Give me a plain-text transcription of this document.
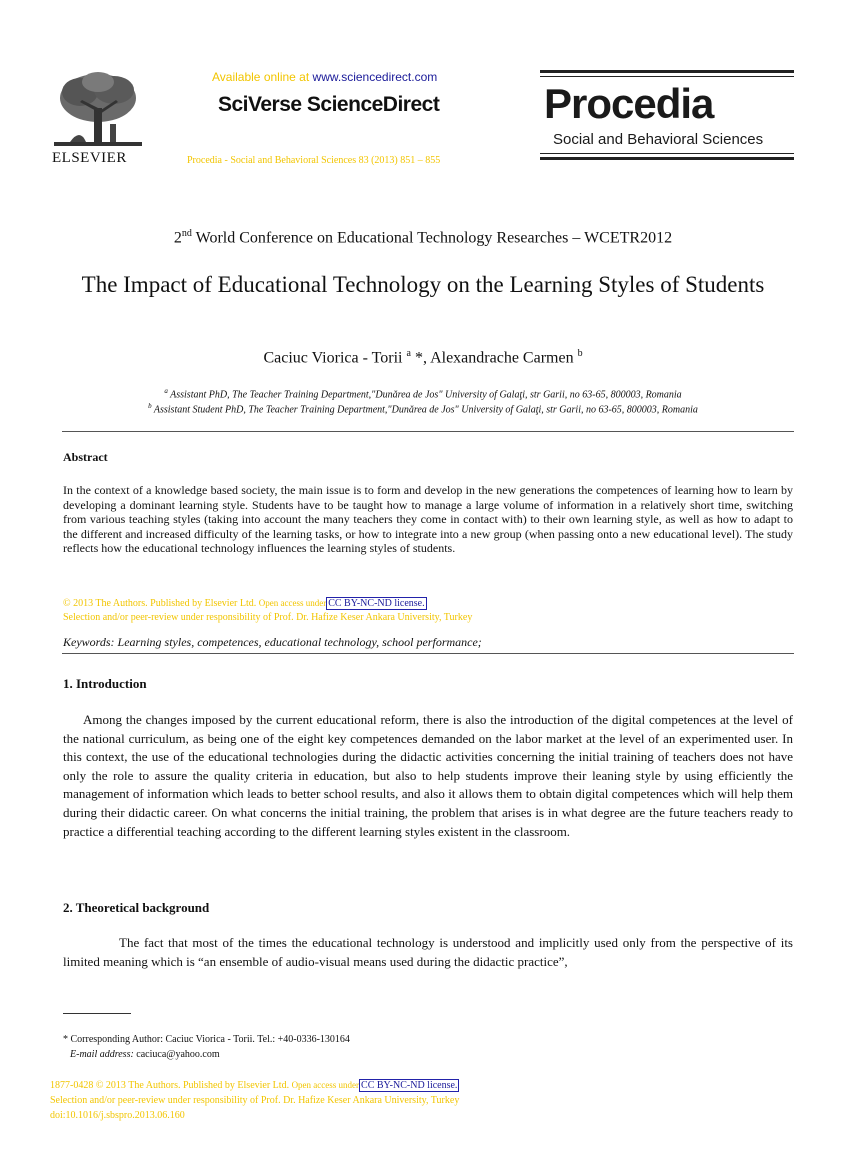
ELSEVIER
Available online at www.sciencedirect.com
SciVerse ScienceDirect
Procedia - Social and Behavioral Sciences 83 (2013) 851 – 855
Procedia
Social and Behavioral Sciences
2nd World Conference on Educational Technology Researches – WCETR2012
The Impact of Educational Technology on the Learning Styles of Students
Caciuc Viorica - Torii $^a$ *, Alexandrache Carmen $^b$
$^a$ Assistant PhD, The Teacher Training Department,"Dunărea de Jos" University of Galaţi, str Garii, no 63-65, 800003, Romania
$^b$ Assistant Student PhD, The Teacher Training Department,"Dunărea de Jos" University of Galaţi, str Garii, no 63-65, 800003, Romania
Abstract
In the context of a knowledge based society, the main issue is to form and develop in the new generations the competences of learning how to learn by developing a dominant learning style. Students have to be taught how to manage a large volume of information in a relatively short time, switching from various teaching styles (taking into account the many teachers they come in contact with) to their own learning style, as well as how to adapt to the different and increased difficulty of the learning tasks, or how to integrate into a new group (when passing onto a new educational level). The study reflects how the educational technology influences the learning styles of students.
© 2013 The Authors. Published by Elsevier Ltd. Open access under CC BY-NC-ND license.
Selection and/or peer-review under responsibility of Prof. Dr. Hafize Keser Ankara University, Turkey
Keywords: Learning styles, competences, educational technology, school performance;
1. Introduction
Among the changes imposed by the current educational reform, there is also the introduction of the digital competences at the level of the national curriculum, as being one of the eight key competences demanded on the labor market at the level of an experimented user. In this context, the use of the educational technologies during the didactic activities concerning the initial training of teachers does not have only the role to assure the quality criteria in education, but also to help students improve their leaning style by using efficiently the management of information which leads to better school results, and also it allows them to obtain digital competences which will help them during their didactic career. On what concerns the initial training, the problem that arises is in what degree are the future teachers ready to practice a differential teaching according to the different learning styles existent in the classroom.
2. Theoretical background
The fact that most of the times the educational technology is understood and implicitly used only from the perspective of its limited meaning which is “an ensemble of audio-visual means used during the didactic practice”,
* Corresponding Author: Caciuc Viorica - Torii. Tel.: +40-0336-130164
E-mail address: caciuca@yahoo.com
1877-0428 © 2013 The Authors. Published by Elsevier Ltd. Open access under CC BY-NC-ND license.
Selection and/or peer-review under responsibility of Prof. Dr. Hafize Keser Ankara University, Turkey
doi:10.1016/j.sbspro.2013.06.160
